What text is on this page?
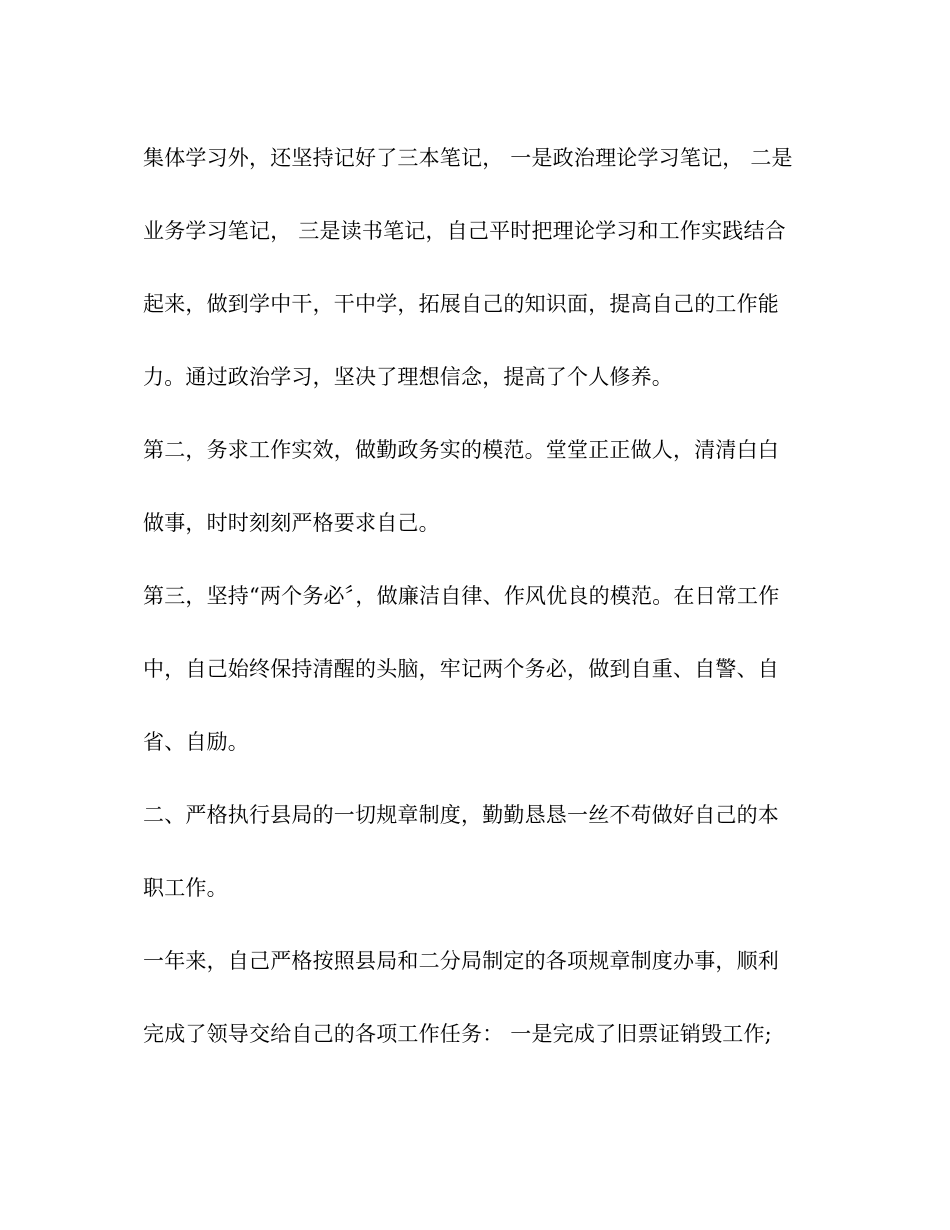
集体学习外，还坚持记好了三本笔记， 一是政治理论学习笔记， 二是
业务学习笔记， 三是读书笔记，自己平时把理论学习和工作实践结合
起来，做到学中干，干中学，拓展自己的知识面，提高自己的工作能
力。通过政治学习，坚决了理想信念，提高了个人修养。
第二，务求工作实效，做勤政务实的模范。堂堂正正做人，清清白白
做事，时时刻刻严格要求自己。
第三，坚持“两个务必〞，做廉洁自律、作风优良的模范。在日常工作
中，自己始终保持清醒的头脑，牢记两个务必，做到自重、自警、自
省、自励。
二、严格执行县局的一切规章制度，勤勤恳恳一丝不苟做好自己的本
职工作。
一年来，自己严格按照县局和二分局制定的各项规章制度办事，顺利
完成了领导交给自己的各项工作任务： 一是完成了旧票证销毁工作;
